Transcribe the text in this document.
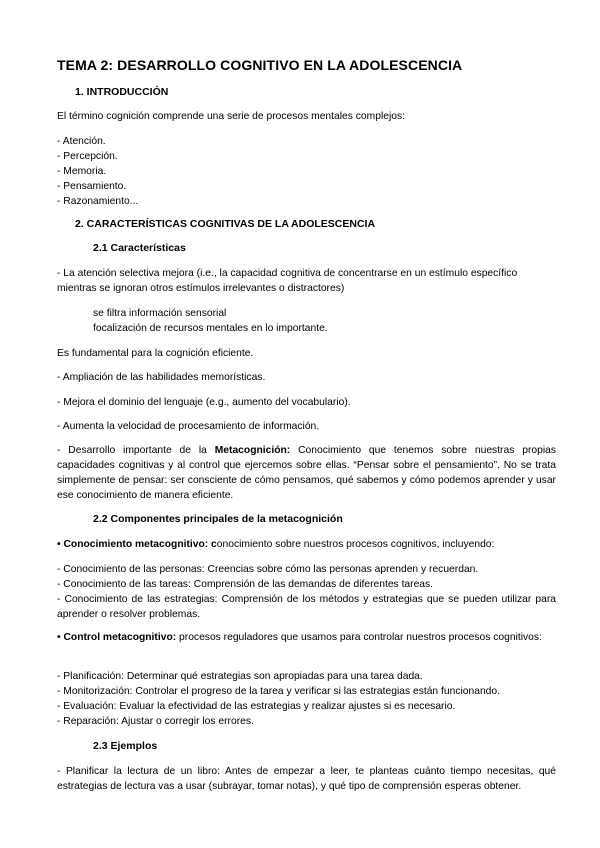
TEMA 2: DESARROLLO COGNITIVO EN LA ADOLESCENCIA
1. INTRODUCCIÓN

El término cognición comprende una serie de procesos mentales complejos:

- Atención.
- Percepción.
- Memoria.
- Pensamiento.
- Razonamiento...
2. CARACTERÍSTICAS COGNITIVAS DE LA ADOLESCENCIA
2.1 Características

- La atención selectiva mejora (i.e., la capacidad cognitiva de concentrarse en un estímulo específico mientras se ignoran otros estímulos irrelevantes o distractores)

se filtra información sensorial
focalización de recursos mentales en lo importante.

Es fundamental para la cognición eficiente.

- Ampliación de las habilidades memorísticas.

- Mejora el dominio del lenguaje (e.g., aumento del vocabulario).

- Aumenta la velocidad de procesamiento de información.

- Desarrollo importante de la Metacognición: Conocimiento que tenemos sobre nuestras propias capacidades cognitivas y al control que ejercemos sobre ellas. “Pensar sobre el pensamiento”. No se trata simplemente de pensar: ser consciente de cómo pensamos, qué sabemos y cómo podemos aprender y usar ese conocimiento de manera eficiente.

2.2 Componentes principales de la metacognición

• Conocimiento metacognitivo: conocimiento sobre nuestros procesos cognitivos, incluyendo:

- Conocimiento de las personas: Creencias sobre cómo las personas aprenden y recuerdan.
- Conocimiento de las tareas: Comprensión de las demandas de diferentes tareas.
- Conocimiento de las estrategias: Comprensión de los métodos y estrategias que se pueden utilizar para aprender o resolver problemas.

• Control metacognitivo: procesos reguladores que usamos para controlar nuestros procesos cognitivos:

- Planificación: Determinar qué estrategias son apropiadas para una tarea dada.
- Monitorización: Controlar el progreso de la tarea y verificar si las estrategias están funcionando.
- Evaluación: Evaluar la efectividad de las estrategias y realizar ajustes si es necesario.
- Reparación: Ajustar o corregir los errores.
2.3 Ejemplos

- Planificar la lectura de un libro: Antes de empezar a leer, te planteas cuánto tiempo necesitas, qué estrategias de lectura vas a usar (subrayar, tomar notas), y qué tipo de comprensión esperas obtener.
